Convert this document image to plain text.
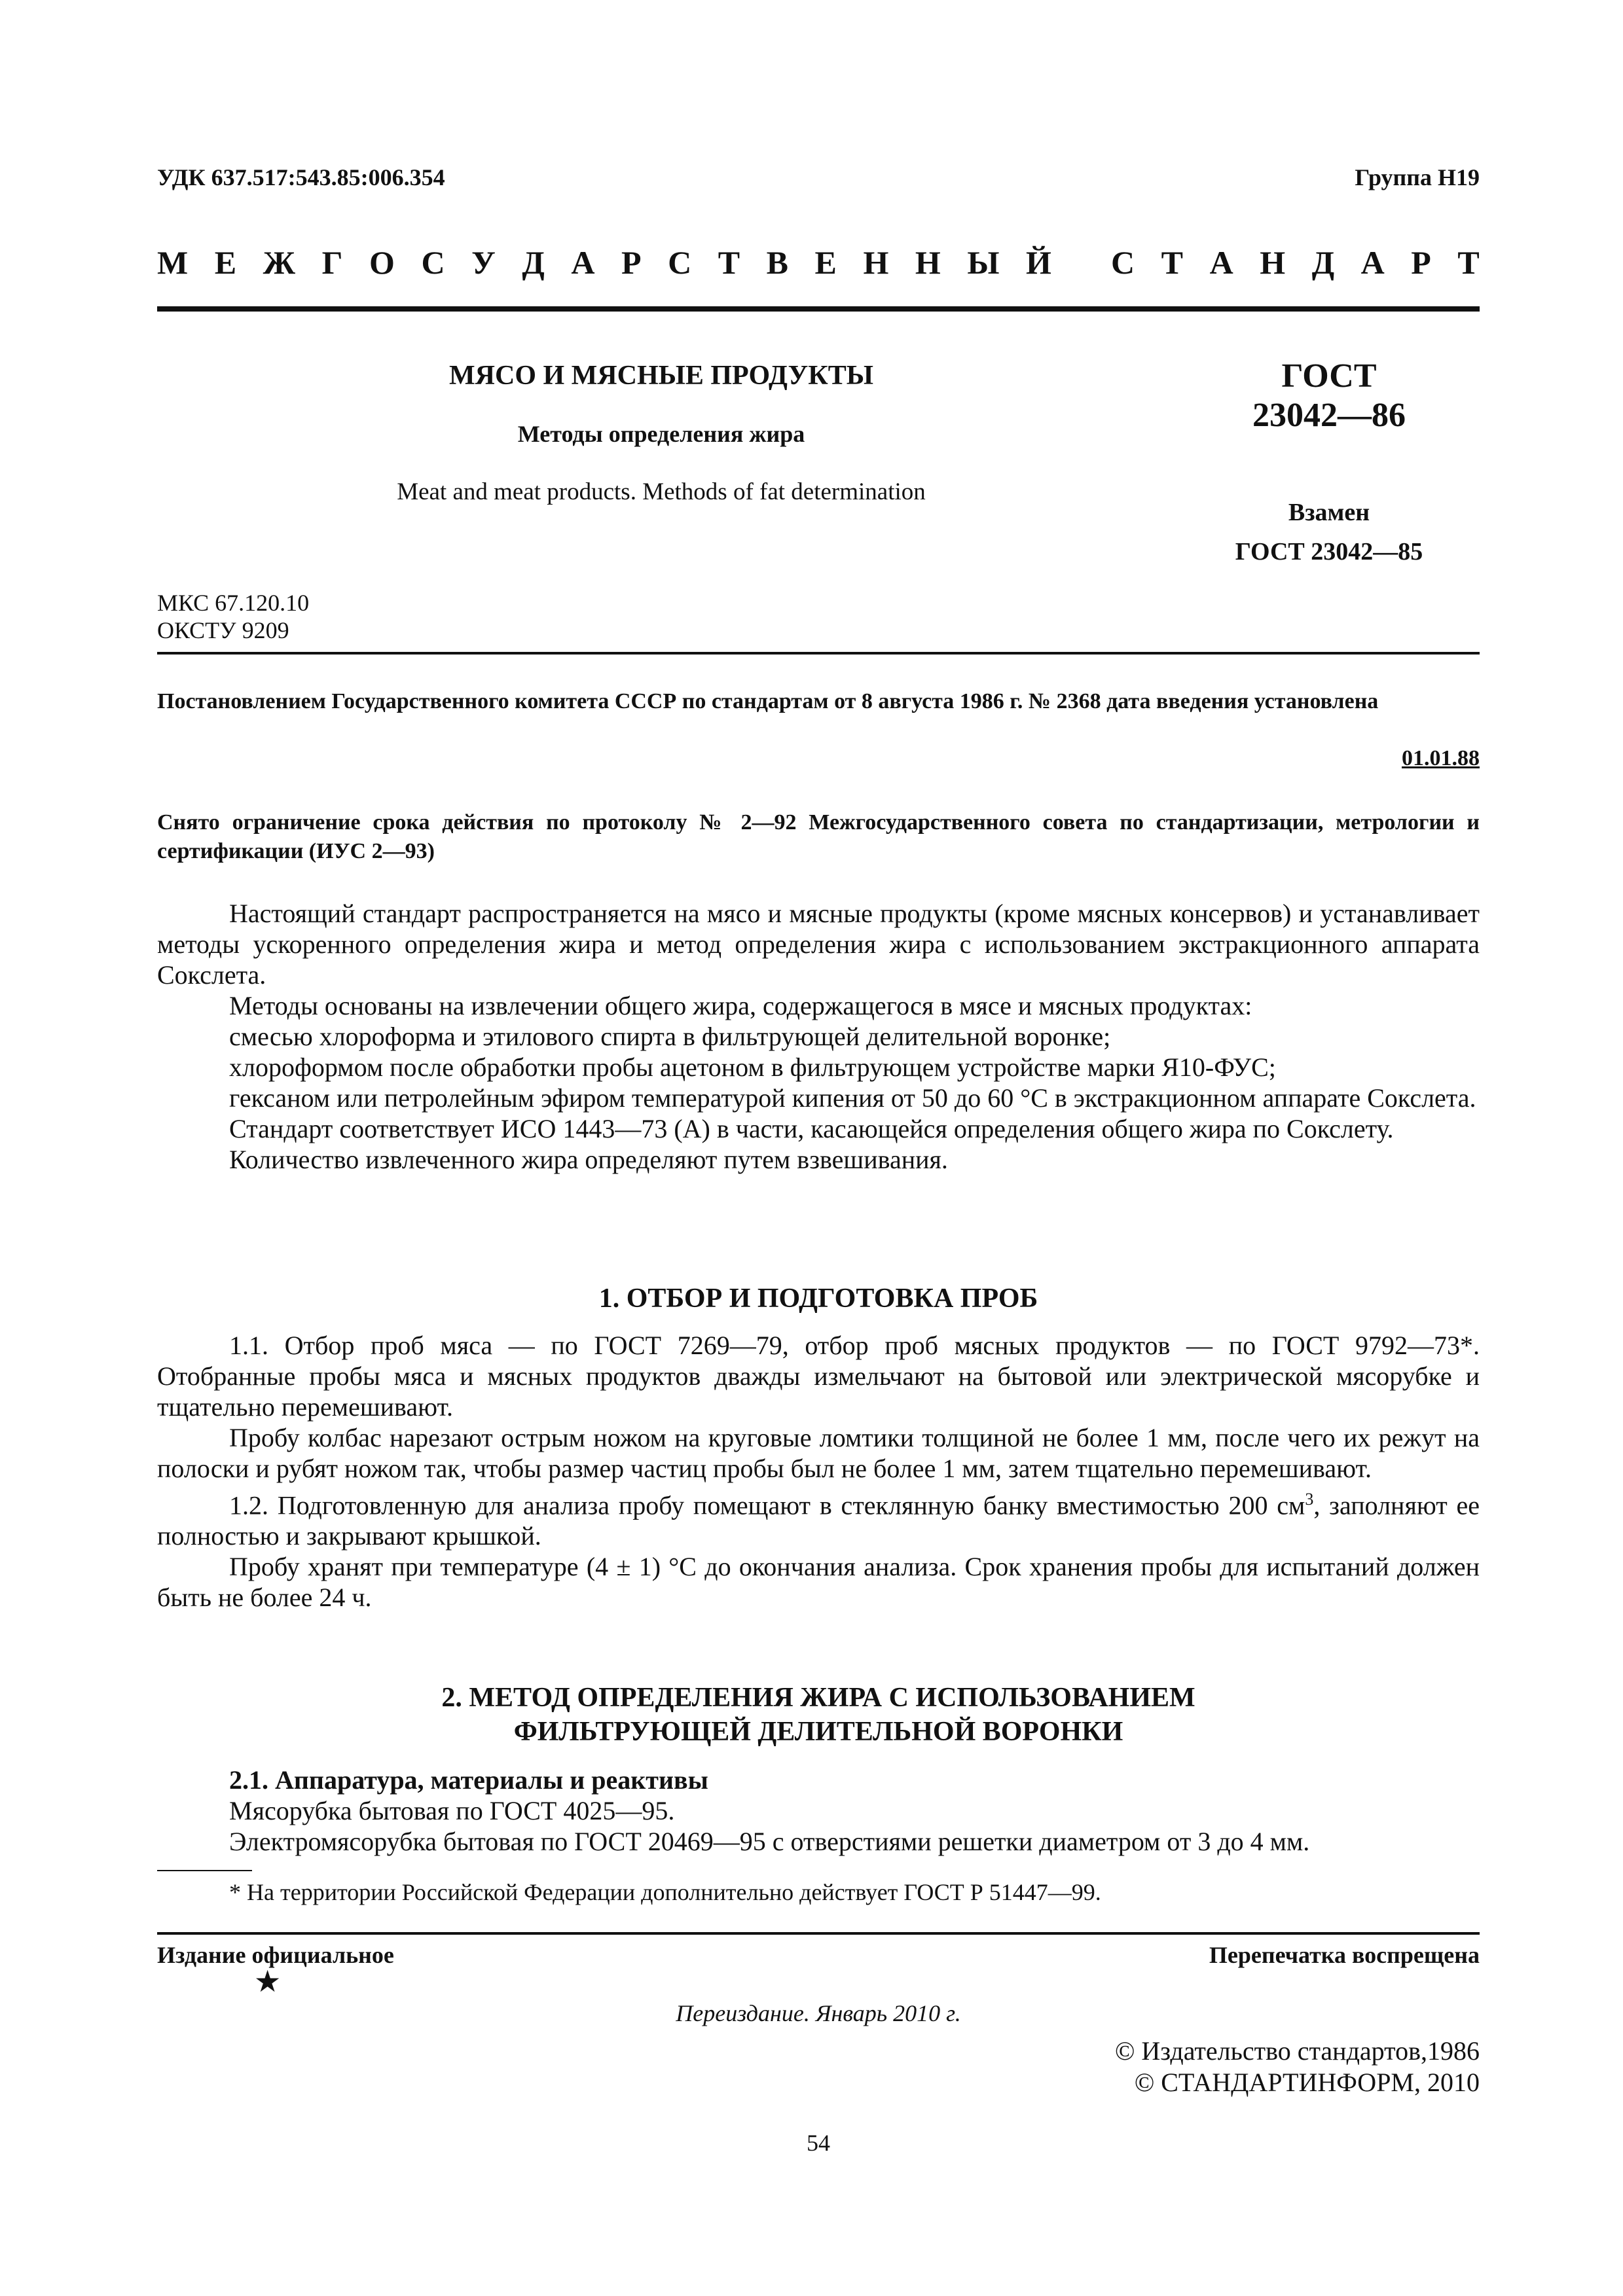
УДК 637.517:543.85:006.354	Группа Н19
М Е Ж Г О С У Д А Р С Т В Е Н Н Ы Й С Т А Н Д А Р Т
МЯСО И МЯСНЫЕ ПРОДУКТЫ
Методы определения жира
Meat and meat products. Methods of fat determination
ГОСТ
23042—86
Взамен
ГОСТ 23042—85
МКС 67.120.10
ОКСТУ 9209
Постановлением Государственного комитета СССР по стандартам от 8 августа 1986 г. № 2368 дата введения установлена
01.01.88
Снято ограничение срока действия по протоколу № 2—92 Межгосударственного совета по стандартизации, метрологии и сертификации (ИУС 2—93)

Настоящий стандарт распространяется на мясо и мясные продукты (кроме мясных консервов) и устанавливает методы ускоренного определения жира и метод определения жира с использованием экстракционного аппарата Сокслета.

Методы основаны на извлечении общего жира, содержащегося в мясе и мясных продуктах:

смесью хлороформа и этилового спирта в фильтрующей делительной воронке;

хлороформом после обработки пробы ацетоном в фильтрующем устройстве марки Я10-ФУС;

гексаном или петролейным эфиром температурой кипения от 50 до 60 °С в экстракционном аппарате Сокслета.

Стандарт соответствует ИСО 1443—73 (А) в части, касающейся определения общего жира по Сокслету.

Количество извлеченного жира определяют путем взвешивания.

1. ОТБОР И ПОДГОТОВКА ПРОБ

1.1. Отбор проб мяса — по ГОСТ 7269—79, отбор проб мясных продуктов — по ГОСТ 9792—73*. Отобранные пробы мяса и мясных продуктов дважды измельчают на бытовой или электрической мясорубке и тщательно перемешивают.

Пробу колбас нарезают острым ножом на круговые ломтики толщиной не более 1 мм, после чего их режут на полоски и рубят ножом так, чтобы размер частиц пробы был не более 1 мм, затем тщательно перемешивают.

1.2. Подготовленную для анализа пробу помещают в стеклянную банку вместимостью 200 $см^3$, заполняют ее полностью и закрывают крышкой.

Пробу хранят при температуре (4 ± 1) °С до окончания анализа. Срок хранения пробы для испытаний должен быть не более 24 ч.

2. МЕТОД ОПРЕДЕЛЕНИЯ ЖИРА С ИСПОЛЬЗОВАНИЕМ
ФИЛЬТРУЮЩЕЙ ДЕЛИТЕЛЬНОЙ ВОРОНКИ

2.1. Аппаратура, материалы и реактивы

Мясорубка бытовая по ГОСТ 4025—95.

Электромясорубка бытовая по ГОСТ 20469—95 с отверстиями решетки диаметром от 3 до 4 мм.

* На территории Российской Федерации дополнительно действует ГОСТ Р 51447—99.
Издание официальное
★
Перепечатка воспрещена
Переиздание. Январь 2010 г.
© Издательство стандартов,1986
© СТАНДАРТИНФОРМ, 2010
54
